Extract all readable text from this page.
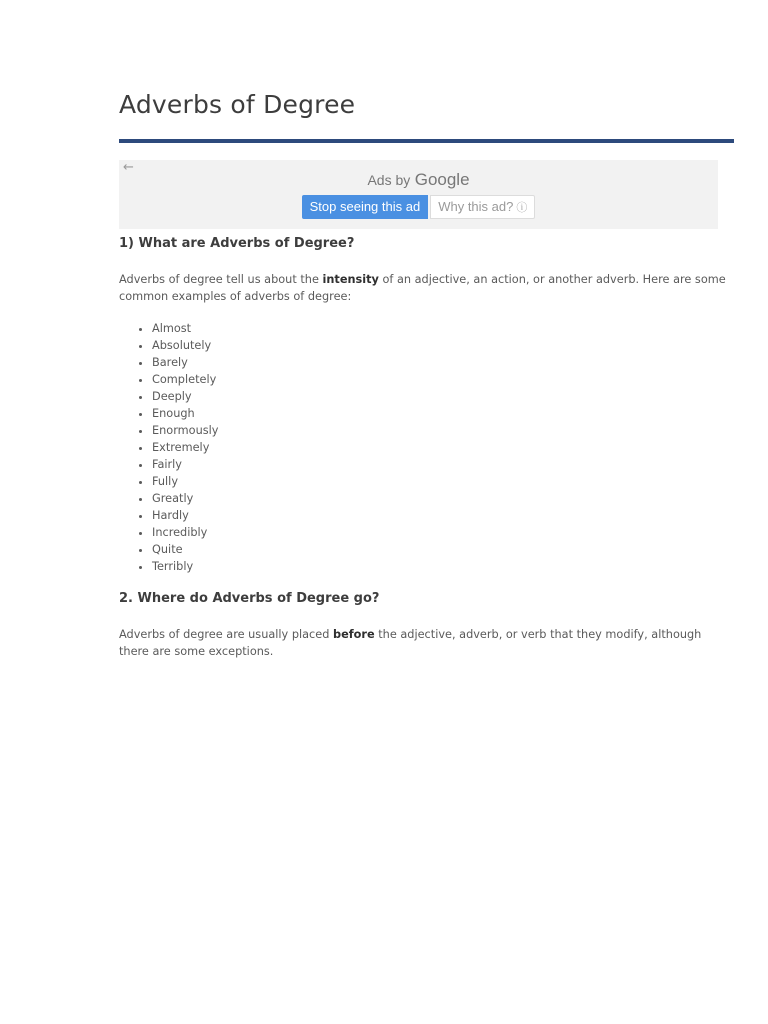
Adverbs of Degree
←
Ads by Google
Stop seeing this ad Why this ad? ⓘ
1) What are Adverbs of Degree?

Adverbs of degree tell us about the intensity of an adjective, an action, or another adverb. Here are some common examples of adverbs of degree:

• Almost
• Absolutely
• Barely
• Completely
• Deeply
• Enough
• Enormously
• Extremely
• Fairly
• Fully
• Greatly
• Hardly
• Incredibly
• Quite
• Terribly
2. Where do Adverbs of Degree go?

Adverbs of degree are usually placed before the adjective, adverb, or verb that they modify, although there are some exceptions.
